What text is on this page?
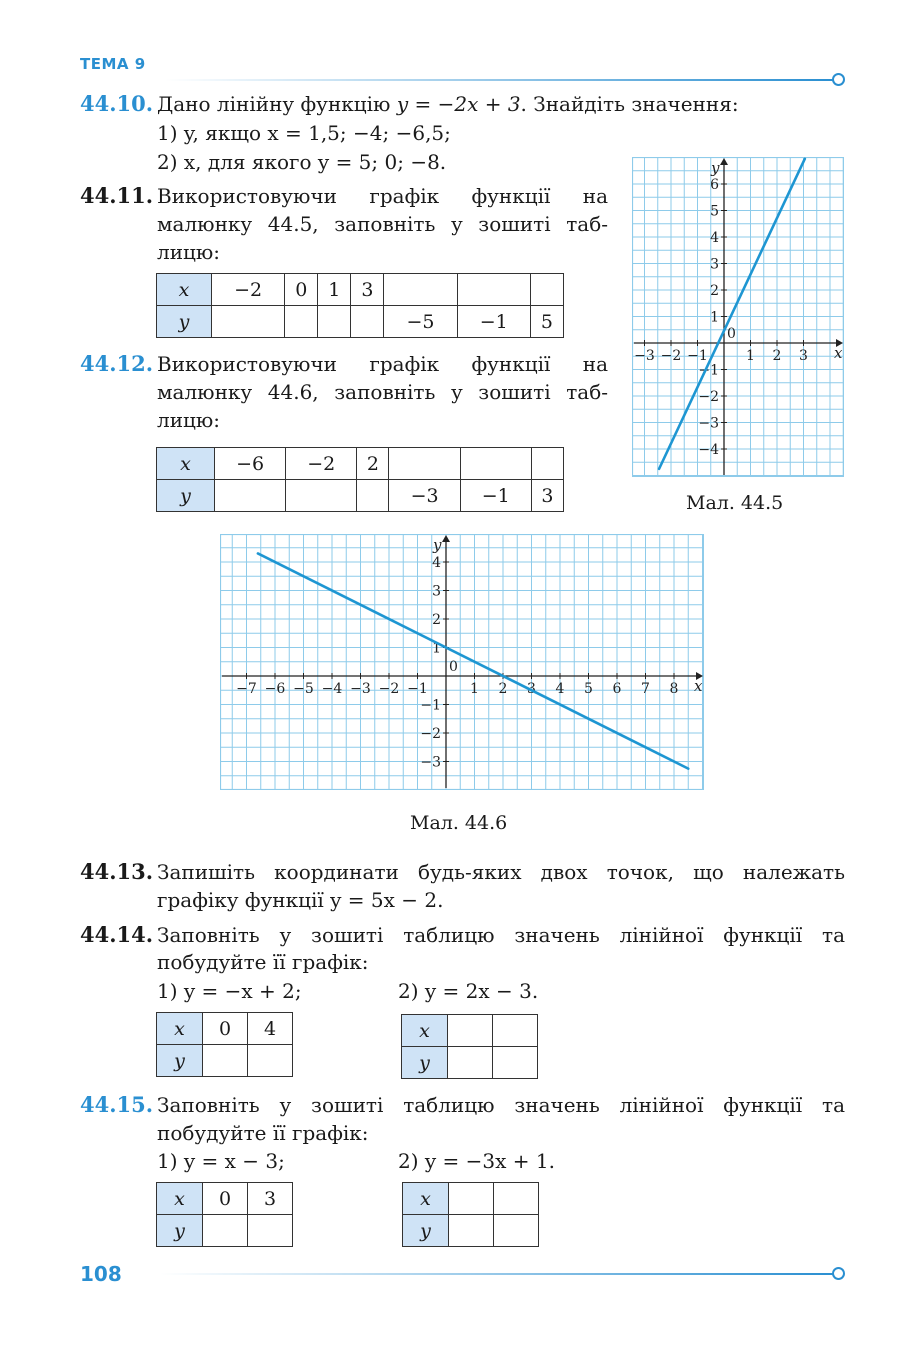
ТЕМА 9
44.10. Дано лінійну функцію y = −2x + 3. Знайдіть значення:
1) y, якщо x = 1,5; −4; −6,5;
2) x, для якого y = 5; 0; −8.
44.11. Використовуючи графік функції на
малюнку 44.5, заповніть у зошиті таб-
лицю:
x	−2	0	1	3			
y					−5	−1	5
44.12. Використовуючи графік функції на
малюнку 44.6, заповніть у зошиті таб-
лицю:
x	−6	−2	2			
y				−3	−1	3
−3 −2 −1	1 2 3
−4
−3
−2
−1
1
2
3
4
5
6
0
x
y
Мал. 44.5
−7 −6 −5 −4 −3 −2 −1	1 2 3 4 5 6 7 8
−3
−2
−1
1
2
3
4
0
x
y
Мал. 44.6
44.13. Запишіть координати будь-яких двох точок, що належать
графіку функції y = 5x − 2.
44.14. Заповніть у зошиті таблицю значень лінійної функції та
побудуйте її графік:
1) y = −x + 2;	2) y = 2x − 3.
x	0	4
y		
x		
y		
44.15. Заповніть у зошиті таблицю значень лінійної функції та
побудуйте її графік:
1) y = x − 3;	2) y = −3x + 1.
x	0	3
y		
x		
y		
108
